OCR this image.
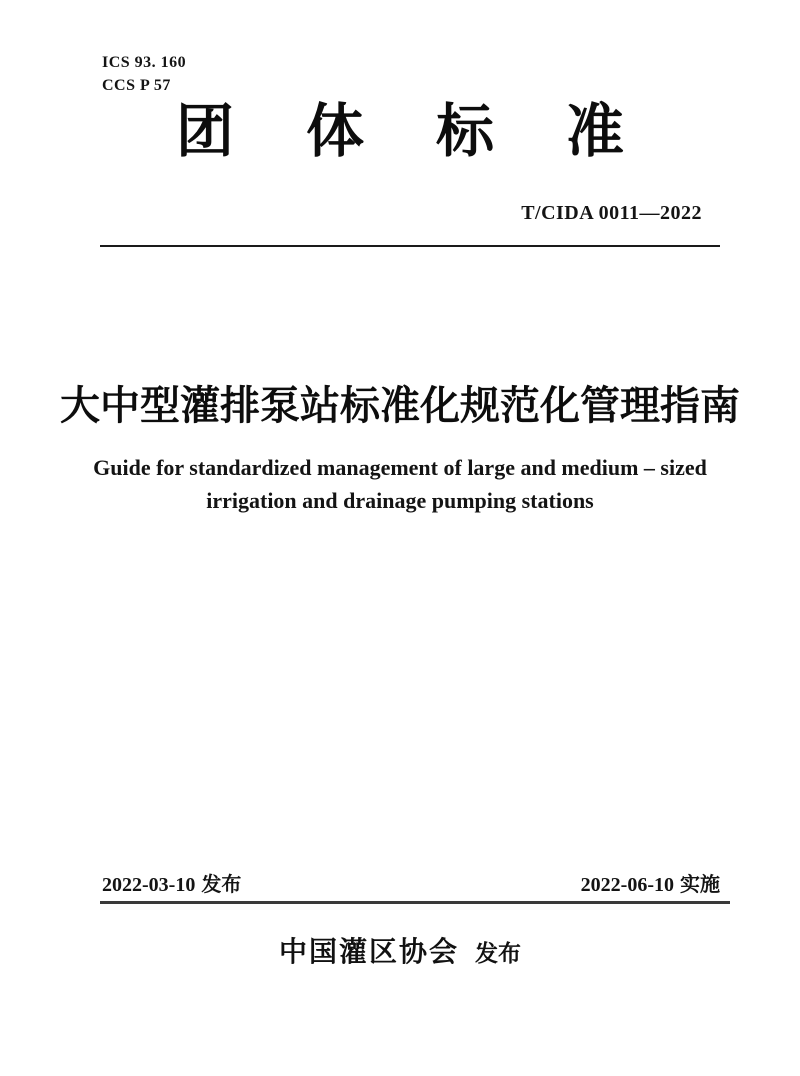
ICS 93. 160
CCS P 57
团体标准
T/CIDA 0011—2022
大中型灌排泵站标准化规范化管理指南
Guide for standardized management of large and medium – sized
irrigation and drainage pumping stations
2022-03-10 发布	2022-06-10 实施
中国灌区协会 发布
